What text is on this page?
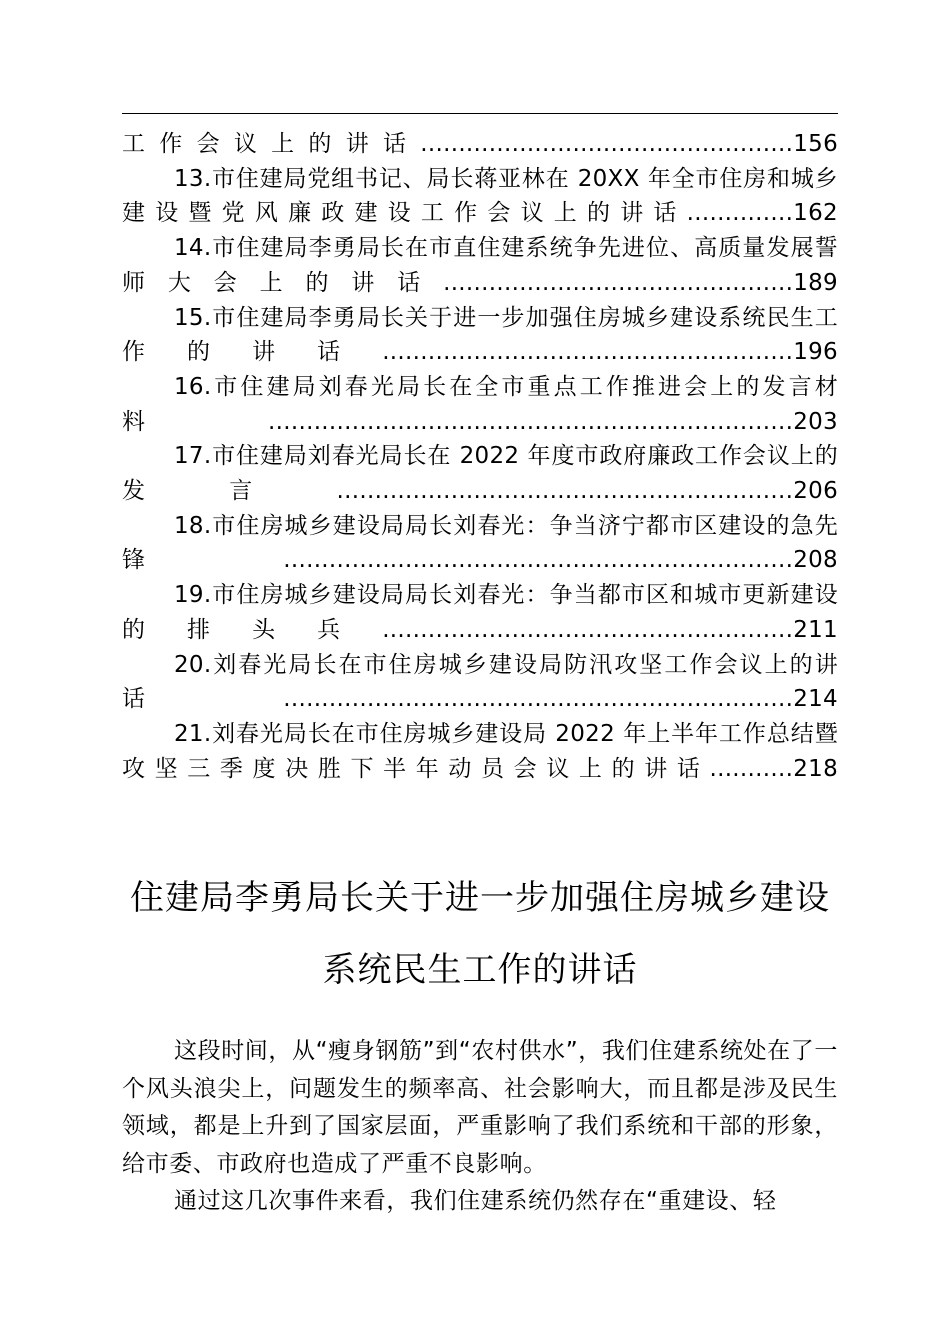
工作会议上的讲话.................................................156

13.市住建局党组书记、局长蒋亚林在 20XX 年全市住房和城乡建设暨党风廉政建设工作会议上的讲话..............162

14.市住建局李勇局长在市直住建系统争先进位、高质量发展誓师大会上的讲话..............................................189

15.市住建局李勇局长关于进一步加强住房城乡建设系统民生工作的讲话......................................................196

16.市住建局刘春光局长在全市重点工作推进会上的发言材料.....................................................................203

17.市住建局刘春光局长在 2022 年度市政府廉政工作会议上的发言............................................................206

18.市住房城乡建设局局长刘春光：争当济宁都市区建设的急先锋...................................................................208

19.市住房城乡建设局局长刘春光：争当都市区和城市更新建设的排头兵......................................................211

20.刘春光局长在市住房城乡建设局防汛攻坚工作会议上的讲话...................................................................214

21.刘春光局长在市住房城乡建设局 2022 年上半年工作总结暨攻坚三季度决胜下半年动员会议上的讲话...........218

住建局李勇局长关于进一步加强住房城乡建设
系统民生工作的讲话

这段时间，从“瘦身钢筋”到“农村供水”，我们住建系统处在了一个风头浪尖上，问题发生的频率高、社会影响大，而且都是涉及民生领域，都是上升到了国家层面，严重影响了我们系统和干部的形象，给市委、市政府也造成了严重不良影响。

通过这几次事件来看，我们住建系统仍然存在“重建设、轻
